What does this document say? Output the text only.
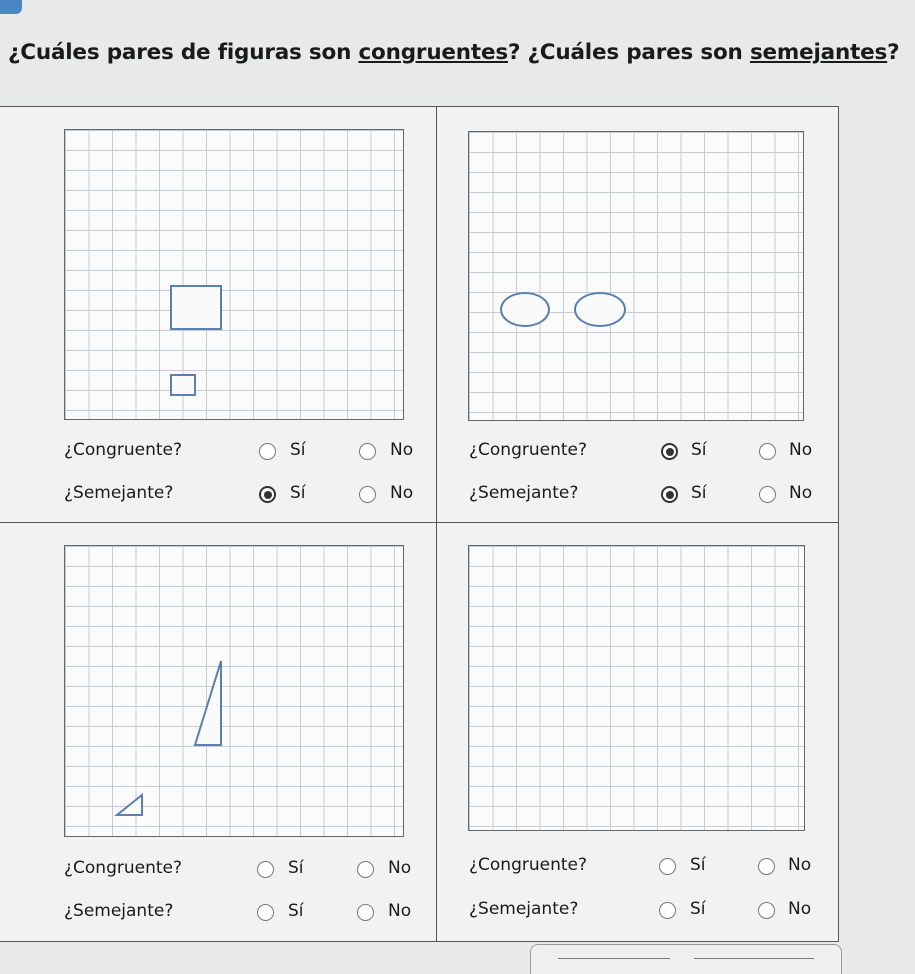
¿Cuáles pares de figuras son congruentes? ¿Cuáles pares son semejantes?
¿Congruente?	Sí	No
¿Semejante?	Sí	No
¿Congruente?	Sí	No
¿Semejante?	Sí	No
¿Congruente?	Sí	No
¿Semejante?	Sí	No
¿Congruente?	Sí	No
¿Semejante?	Sí	No
